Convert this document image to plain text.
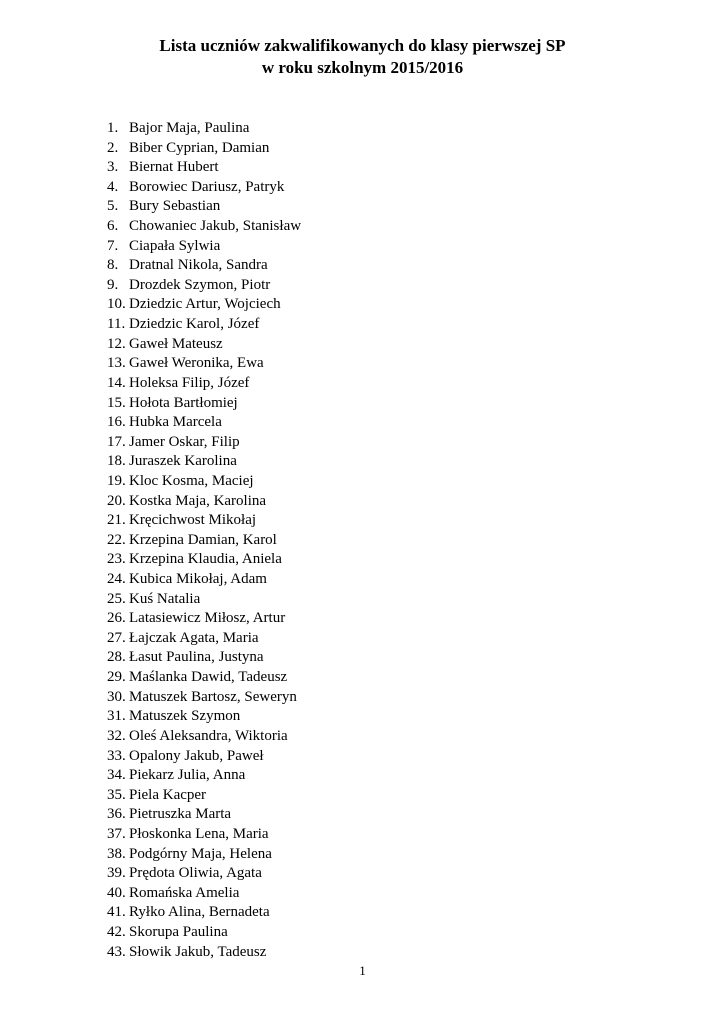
Lista uczniów zakwalifikowanych do klasy pierwszej SP
w roku szkolnym 2015/2016
1. Bajor Maja, Paulina
2. Biber Cyprian, Damian
3. Biernat Hubert
4. Borowiec Dariusz, Patryk
5. Bury Sebastian
6. Chowaniec Jakub, Stanisław
7. Ciapała Sylwia
8. Dratnal Nikola, Sandra
9. Drozdek Szymon, Piotr
10. Dziedzic Artur, Wojciech
11. Dziedzic Karol, Józef
12. Gaweł Mateusz
13. Gaweł Weronika, Ewa
14. Holeksa Filip, Józef
15. Hołota Bartłomiej
16. Hubka Marcela
17. Jamer Oskar, Filip
18. Juraszek Karolina
19. Kloc Kosma, Maciej
20. Kostka Maja, Karolina
21. Kręcichwost Mikołaj
22. Krzepina Damian, Karol
23. Krzepina Klaudia, Aniela
24. Kubica Mikołaj, Adam
25. Kuś Natalia
26. Latasiewicz Miłosz, Artur
27. Łajczak Agata, Maria
28. Łasut Paulina, Justyna
29. Maślanka Dawid, Tadeusz
30. Matuszek Bartosz, Seweryn
31. Matuszek Szymon
32. Oleś Aleksandra, Wiktoria
33. Opalony Jakub, Paweł
34. Piekarz Julia, Anna
35. Piela Kacper
36. Pietruszka Marta
37. Płoskonka Lena, Maria
38. Podgórny Maja, Helena
39. Prędota Oliwia, Agata
40. Romańska Amelia
41. Ryłko Alina, Bernadeta
42. Skorupa Paulina
43. Słowik Jakub, Tadeusz
1
